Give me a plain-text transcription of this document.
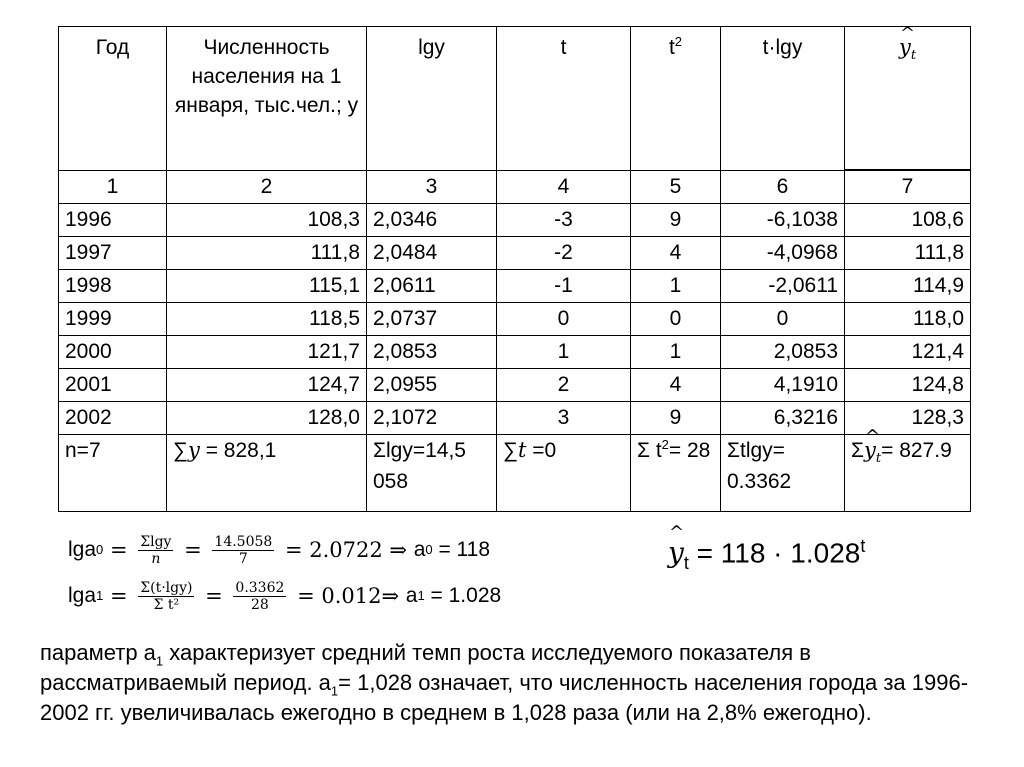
Год	Численность населения на 1 января, тыс.чел.; y	lgy	t	$t^2$	t·lgy	^ $y_t$
1	2	3	4	5	6	7
1996	108,3	2,0346	-3	9	-6,1038	108,6
1997	111,8	2,0484	-2	4	-4,0968	111,8
1998	115,1	2,0611	-1	1	-2,0611	114,9
1999	118,5	2,0737	0	0	0	118,0
2000	121,7	2,0853	1	1	2,0853	121,4
2001	124,7	2,0955	2	4	4,1910	124,8
2002	128,0	2,1072	3	9	6,3216	128,3
n=7	∑y = 828,1	Σlgy=14,5 058	∑t =0	Σ $t^2= 28$	Σtlgy= 0.3362	Σ^ $y_t= 827.9$
lga $0 = \frac{\Sigma\lg y}{n} = \frac{14.5058}{7} = 2.0722$ ⇒ a 0 = 118
lga $1 = \frac{\Sigma(t\cdot\lg y)}{\text{Σ t²}} = \frac{0.3362}{28}$ = 0.012⇒ a 1 = 1.028
^ $y_t = 118 \cdot 1.028^t$
параметр $a_1$ характеризует средний темп роста исследуемого показателя в рассматриваемый период. $a_1= 1,028$ означает, что численность населения города за 1996-2002 гг. увеличивалась ежегодно в среднем в 1,028 раза (или на 2,8% ежегодно).
